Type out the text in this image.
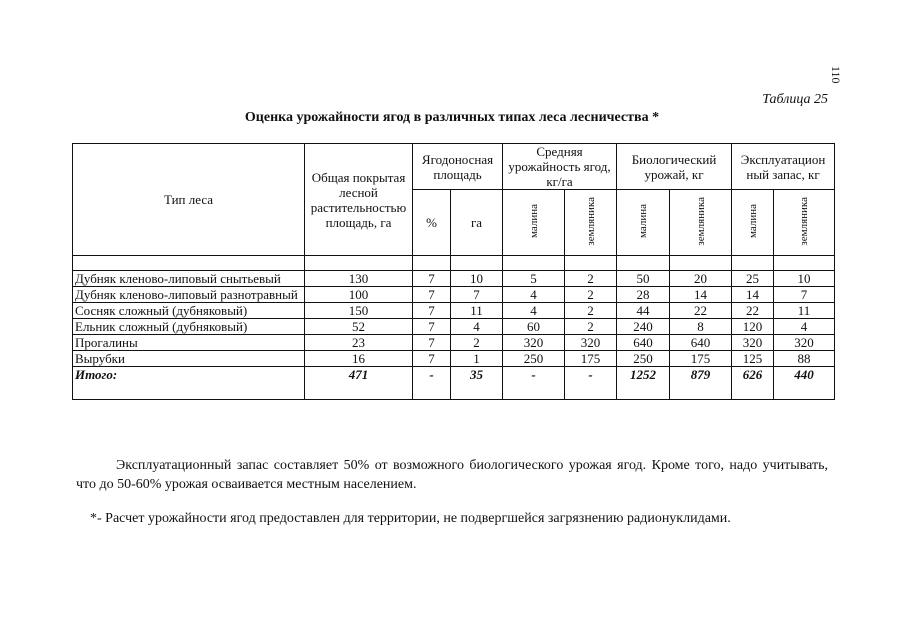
110
Таблица 25
Оценка урожайности ягод в различных типах леса лесничества *
Тип леса	Общая покрытая лесной растительностью площадь, га	Ягодоносная площадь		Средняя урожайность ягод, кг/га		Биологический урожай, кг		Эксплуатацион ный запас, кг	
		%	га	малина	земляника	малина	земляника	малина	земляника

Дубняк кленово-липовый снытьевый	130	7	10	5	2	50	20	25	10
Дубняк кленово-липовый разнотравный	100	7	7	4	2	28	14	14	7
Сосняк сложный (дубняковый)	150	7	11	4	2	44	22	22	11
Ельник сложный (дубняковый)	52	7	4	60	2	240	8	120	4
Прогалины	23	7	2	320	320	640	640	320	320
Вырубки	16	7	1	250	175	250	175	125	88
Итого:	471	-	35	-	-	1252	879	626	440
Эксплуатационный запас составляет 50% от возможного биологического урожая ягод. Кроме того, надо учитывать, что до 50-60% урожая осваивается местным населением.
*- Расчет урожайности ягод предоставлен для территории, не подвергшейся загрязнению радионуклидами.
